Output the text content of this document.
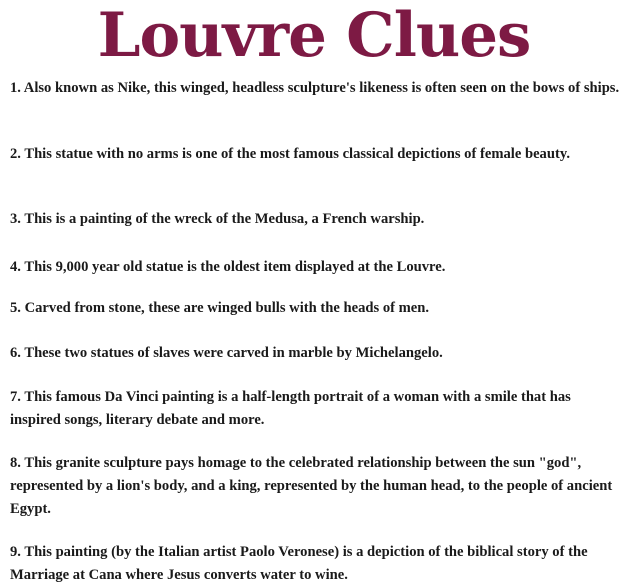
Louvre Clues

1. Also known as Nike, this winged, headless sculpture's likeness is often seen on the bows of ships.

2. This statue with no arms is one of the most famous classical depictions of female beauty.

3. This is a painting of the wreck of the Medusa, a French warship.

4. This 9,000 year old statue is the oldest item displayed at the Louvre.

5. Carved from stone, these are winged bulls with the heads of men.

6. These two statues of slaves were carved in marble by Michelangelo.

7. This famous Da Vinci painting is a half-length portrait of a woman with a smile that has inspired songs, literary debate and more.

8. This granite sculpture pays homage to the celebrated relationship between the sun "god", represented by a lion's body, and a king, represented by the human head, to the people of ancient Egypt.

9. This painting (by the Italian artist Paolo Veronese) is a depiction of the biblical story of the Marriage at Cana where Jesus converts water to wine.
